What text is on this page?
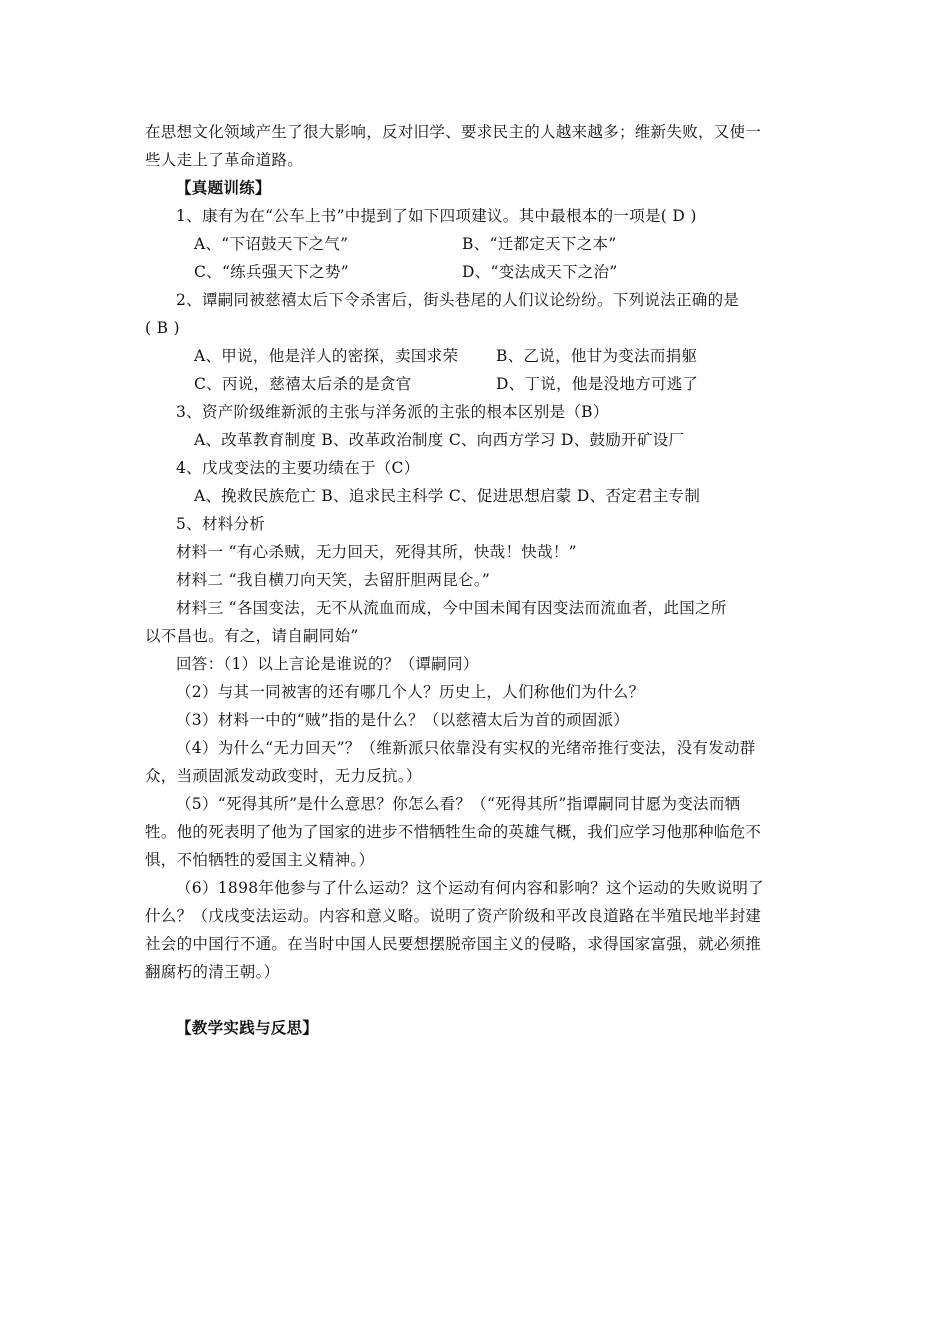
在思想文化领域产生了很大影响，反对旧学、要求民主的人越来越多；维新失败，又使一
些人走上了革命道路。
【真题训练】
1、康有为在“公车上书”中提到了如下四项建议。其中最根本的一项是( D )
A、“下诏鼓天下之气”	B、“迁都定天下之本”
C、“练兵强天下之势”	D、“变法成天下之治”
2、谭嗣同被慈禧太后下令杀害后，街头巷尾的人们议论纷纷。下列说法正确的是
( B )
A、甲说，他是洋人的密探，卖国求荣 B、乙说，他甘为变法而捐躯
C、丙说，慈禧太后杀的是贪官	D、丁说，他是没地方可逃了
3、资产阶级维新派的主张与洋务派的主张的根本区别是（B）
A、改革教育制度 B、改革政治制度 C、向西方学习 D、鼓励开矿设厂
4、戊戌变法的主要功绩在于（C）
A、挽救民族危亡 B、追求民主科学 C、促进思想启蒙 D、否定君主专制
5、材料分析
材料一 “有心杀贼，无力回天，死得其所，快哉！快哉！”
材料二 “我自横刀向天笑，去留肝胆两昆仑。”
材料三 “各国变法，无不从流血而成，今中国未闻有因变法而流血者，此国之所
以不昌也。有之，请自嗣同始”
回答：（1）以上言论是谁说的？（谭嗣同）
（2）与其一同被害的还有哪几个人？历史上，人们称他们为什么？
（3）材料一中的“贼”指的是什么？（以慈禧太后为首的顽固派）
（4）为什么“无力回天”？（维新派只依靠没有实权的光绪帝推行变法，没有发动群
众，当顽固派发动政变时，无力反抗。）
（5）“死得其所”是什么意思？你怎么看？（“死得其所”指谭嗣同甘愿为变法而牺
牲。他的死表明了他为了国家的进步不惜牺牲生命的英雄气概，我们应学习他那种临危不
惧，不怕牺牲的爱国主义精神。）
（6）1898年他参与了什么运动？这个运动有何内容和影响？这个运动的失败说明了
什么？（戊戌变法运动。内容和意义略。说明了资产阶级和平改良道路在半殖民地半封建
社会的中国行不通。在当时中国人民要想摆脱帝国主义的侵略，求得国家富强，就必须推
翻腐朽的清王朝。）
【教学实践与反思】
